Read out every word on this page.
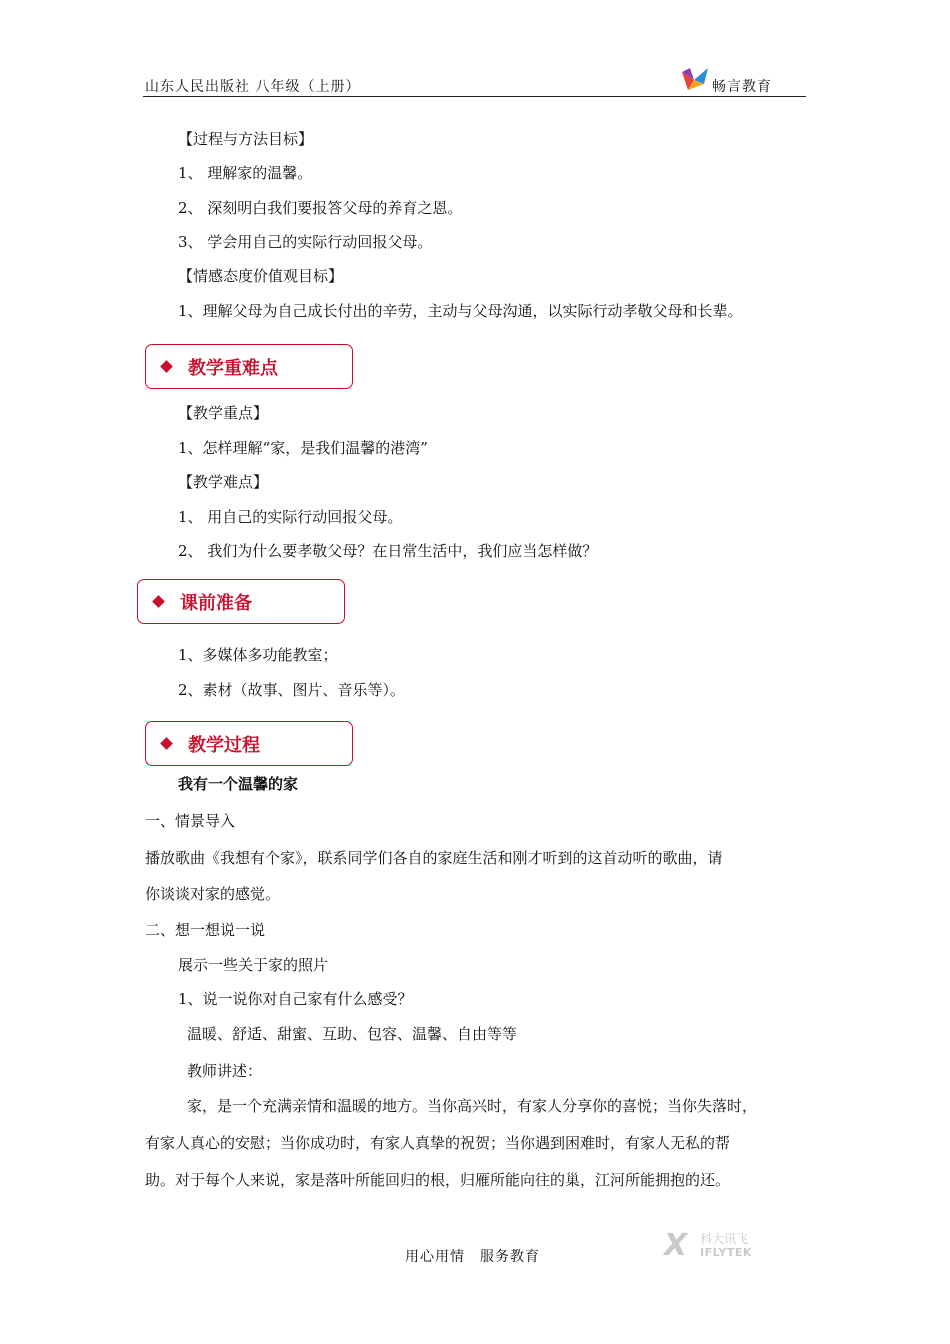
山东人民出版社 八年级（上册）	畅言教育
【过程与方法目标】
1、 理解家的温馨。
2、 深刻明白我们要报答父母的养育之恩。
3、 学会用自己的实际行动回报父母。
【情感态度价值观目标】
1、理解父母为自己成长付出的辛劳，主动与父母沟通，以实际行动孝敬父母和长辈。
教学重难点
【教学重点】
1、怎样理解“家，是我们温馨的港湾”
【教学难点】
1、 用自己的实际行动回报父母。
2、 我们为什么要孝敬父母？在日常生活中，我们应当怎样做？
课前准备
1、多媒体多功能教室；
2、素材（故事、图片、音乐等）。
教学过程
我有一个温馨的家
一、情景导入
播放歌曲《我想有个家》，联系同学们各自的家庭生活和刚才听到的这首动听的歌曲，请
你谈谈对家的感觉。
二、想一想说一说
展示一些关于家的照片
1、说一说你对自己家有什么感受？
温暖、舒适、甜蜜、互助、包容、温馨、自由等等
教师讲述：
家，是一个充满亲情和温暖的地方。当你高兴时，有家人分享你的喜悦；当你失落时，
有家人真心的安慰；当你成功时，有家人真挚的祝贺；当你遇到困难时，有家人无私的帮
助。对于每个人来说，家是落叶所能回归的根，归雁所能向往的巢，江河所能拥抱的还。
用心用情　服务教育	X 科大讯飞
IFLYTEK
